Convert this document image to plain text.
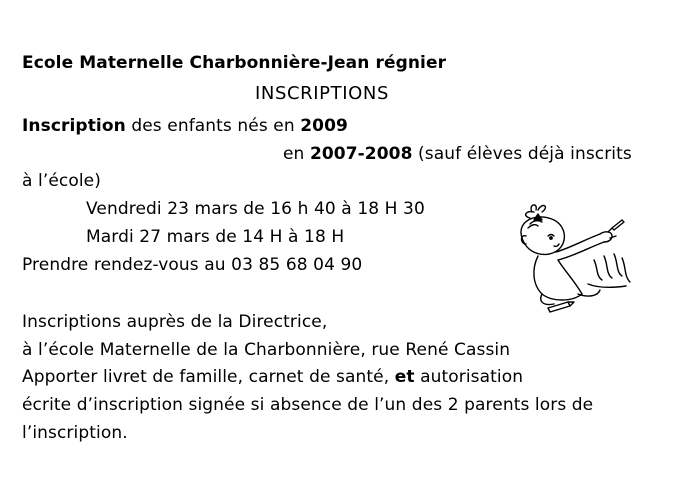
Ecole Maternelle Charbonnière-Jean régnier
INSCRIPTIONS
Inscription des enfants nés en 2009
en 2007-2008 (sauf élèves déjà inscrits
à l’école)
Vendredi 23 mars de 16 h 40 à 18 H 30
Mardi 27 mars de 14 H à 18 H
Prendre rendez-vous au 03 85 68 04 90
Inscriptions auprès de la Directrice,
à l’école Maternelle de la Charbonnière, rue René Cassin
Apporter livret de famille, carnet de santé, et autorisation
écrite d’inscription signée si absence de l’un des 2 parents lors de
l’inscription.
